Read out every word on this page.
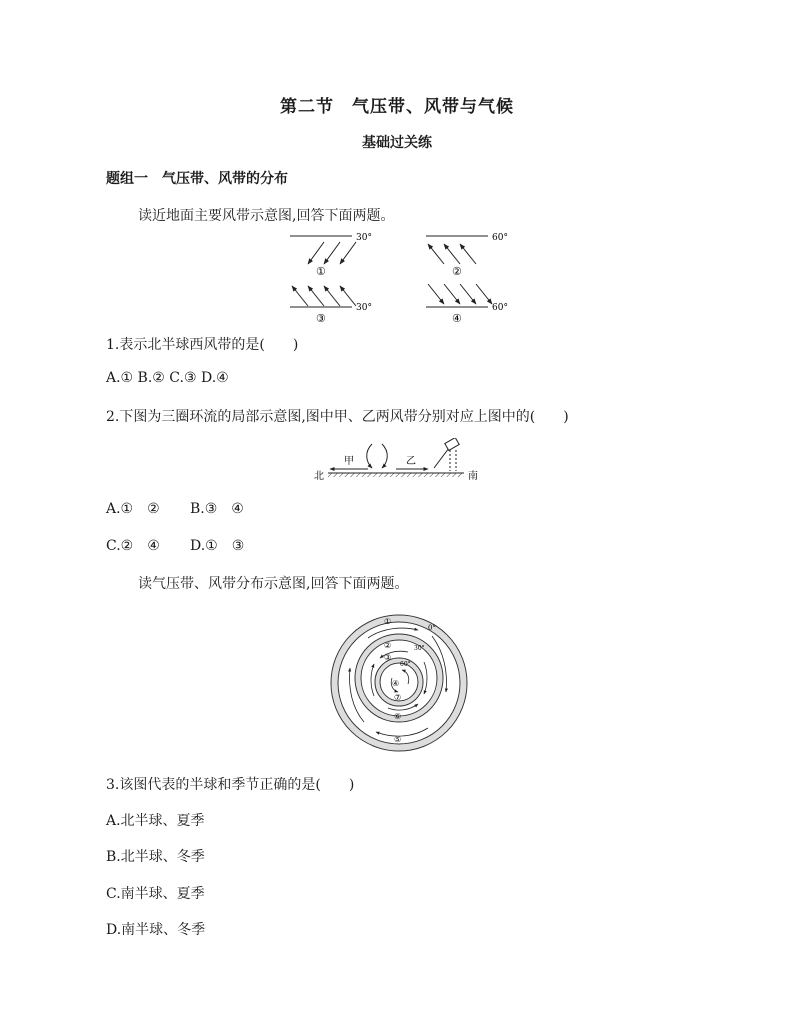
第二节　气压带、风带与气候
基础过关练
题组一　气压带、风带的分布
读近地面主要风带示意图,回答下面两题。
30°
①
30°
③
60°
②
60°
④
1.表示北半球西风带的是(　　)
A.① B.② C.③ D.④
2.下图为三圈环流的局部示意图,图中甲、乙两风带分别对应上图中的(　　)
北	南
甲	乙
A.①　② B.③　④
C.②　④ D.①　③
读气压带、风带分布示意图,回答下面两题。
①
0°
②	30°
③
60°
④
⑤
⑥
⑦
3.该图代表的半球和季节正确的是(　　)
A.北半球、夏季
B.北半球、冬季
C.南半球、夏季
D.南半球、冬季
